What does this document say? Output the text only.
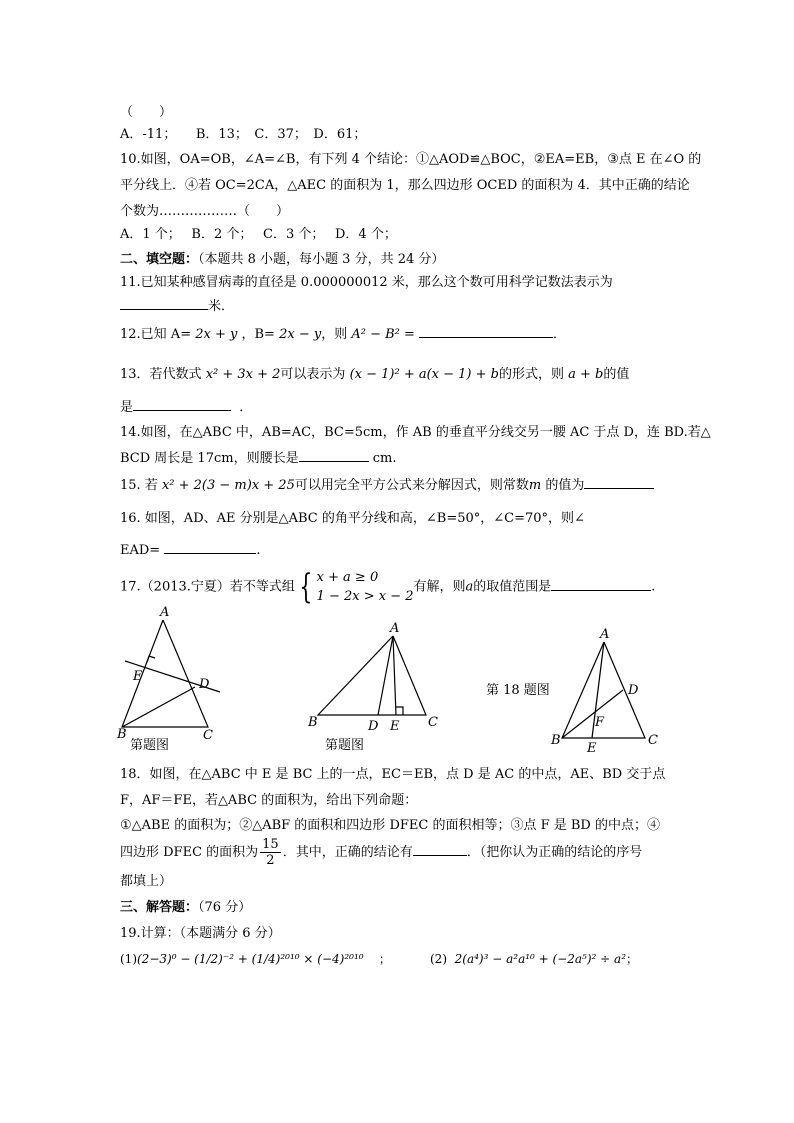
（　　）
A．-11；　　B．13；　C．37；　D．61；
10.如图，OA=OB，∠A=∠B，有下列 4 个结论：①△AOD≌△BOC，②EA=EB，③点 E 在∠O 的
平分线上．④若 OC=2CA，△AEC 的面积为 1，那么四边形 OCED 的面积为 4．其中正确的结论
个数为………………（　　）
A．1 个；　 B．2 个；　 C．3 个；　 D．4 个；
二、填空题：（本题共 8 小题，每小题 3 分，共 24 分）
11.已知某种感冒病毒的直径是 0.000000012 米，那么这个数可用科学记数法表示为
米．
12.已知 A= 2x + y ，B= 2x − y，则 A² − B² =	．
13．若代数式 x² + 3x + 2可以表示为 (x − 1)² + a(x − 1) + b的形式，则 a + b的值
是	．
14.如图，在△ABC 中，AB=AC，BC=5cm，作 AB 的垂直平分线交另一腰 AC 于点 D，连 BD.若△
BCD 周长是 17cm，则腰长是	cm.
15. 若 x² + 2(3 − m)x + 25可以用完全平方公式来分解因式，则常数m 的值为
16. 如图，AD、AE 分别是△ABC 的角平分线和高，∠B=50°，∠C=70°，则∠
EAD=	.
17.（2013.宁夏）若不等式组 { x + a ≥ 0
1 − 2x > x − 2
有解，则a的取值范围是	.
A
B	C
D
E
第题图
A
B	C
D E
第题图
A
B	C
D
E
F
第 18 题图
18．如图，在△ABC 中 E 是 BC 上的一点，EC＝EB，点 D 是 AC 的中点，AE、BD 交于点
F，AF＝FE，若△ABC 的面积为，给出下列命题：
①△ABE 的面积为；②△ABF 的面积和四边形 DFEC 的面积相等；③点 F 是 BD 的中点；④
四边形 DFEC 的面积为 $\frac{15}{2}$ ．其中，正确的结论有	．（把你认为正确的结论的序号
都填上）
三、解答题：（76 分）
19.计算：（本题满分 6 分）
(1)(2−3)⁰ − (1/2)⁻² + (1/4)²⁰¹⁰ × (−4)²⁰¹⁰ ；	(2) 2(a⁴)³ − a²a¹⁰ + (−2a⁵)² ÷ a²；
